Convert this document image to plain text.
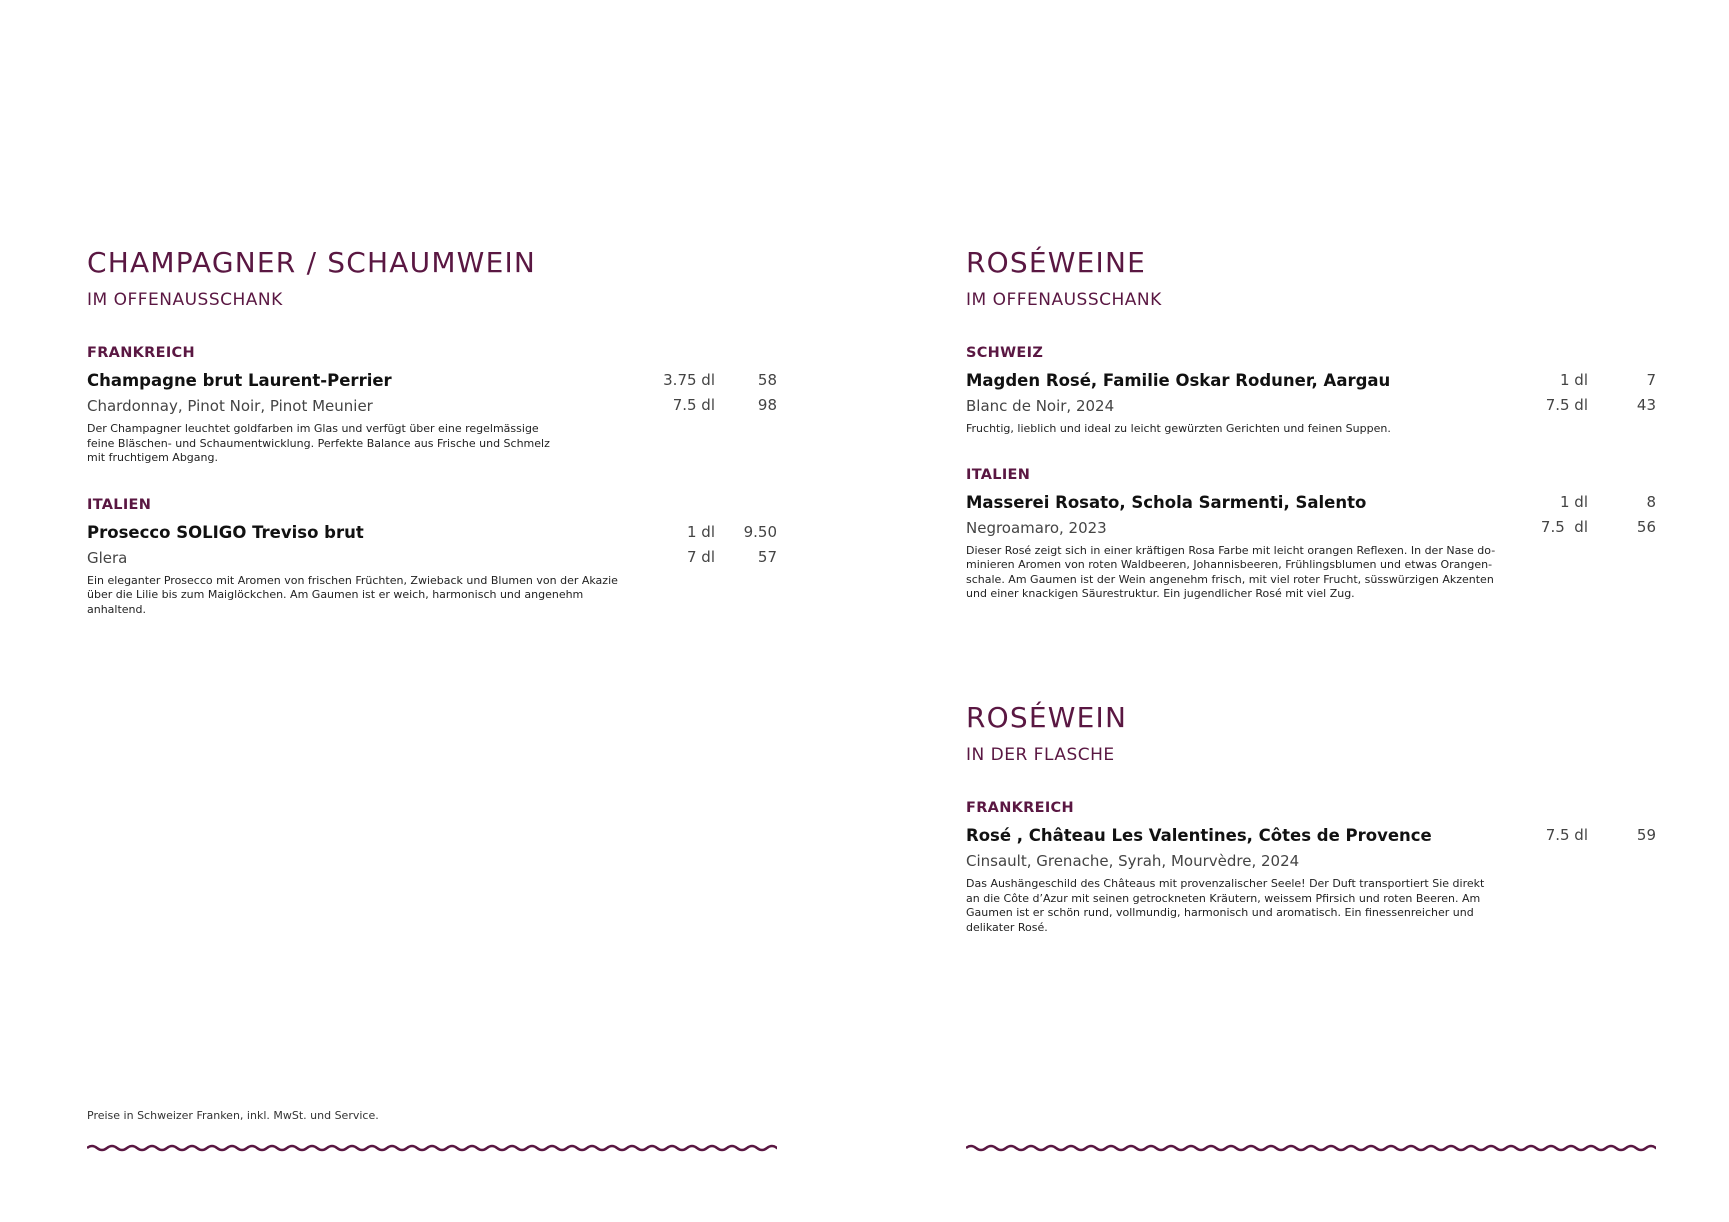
CHAMPAGNER / SCHAUMWEIN
IM OFFENAUSSCHANK
FRANKREICH
Champagne brut Laurent-Perrier	3.75 dl	58
Chardonnay, Pinot Noir, Pinot Meunier	7.5 dl	98
Der Champagner leuchtet goldfarben im Glas und verfügt über eine regelmässige
feine Bläschen- und Schaumentwicklung. Perfekte Balance aus Frische und Schmelz
mit fruchtigem Abgang.
ITALIEN
Prosecco SOLIGO Treviso brut	1 dl 9.50
Glera	7 dl	57
Ein eleganter Prosecco mit Aromen von frischen Früchten, Zwieback und Blumen von der Akazie
über die Lilie bis zum Maiglöckchen. Am Gaumen ist er weich, harmonisch und angenehm
anhaltend.
Preise in Schweizer Franken, inkl. MwSt. und Service.
ROSÉWEINE
IM OFFENAUSSCHANK
SCHWEIZ
Magden Rosé, Familie Oskar Roduner, Aargau	1 dl	7
Blanc de Noir, 2024	7.5 dl	43
Fruchtig, lieblich und ideal zu leicht gewürzten Gerichten und feinen Suppen.
ITALIEN
Masserei Rosato, Schola Sarmenti, Salento	1 dl	8
Negroamaro, 2023	7.5  dl	56
Dieser Rosé zeigt sich in einer kräftigen Rosa Farbe mit leicht orangen Reflexen. In der Nase do-
minieren Aromen von roten Waldbeeren, Johannisbeeren, Frühlingsblumen und etwas Orangen-
schale. Am Gaumen ist der Wein angenehm frisch, mit viel roter Frucht, süsswürzigen Akzenten
und einer knackigen Säurestruktur. Ein jugendlicher Rosé mit viel Zug.
ROSÉWEIN
IN DER FLASCHE
FRANKREICH
Rosé , Château Les Valentines, Côtes de Provence	7.5 dl	59
Cinsault, Grenache, Syrah, Mourvèdre, 2024
Das Aushängeschild des Châteaus mit provenzalischer Seele! Der Duft transportiert Sie direkt
an die Côte d’Azur mit seinen getrockneten Kräutern, weissem Pfirsich und roten Beeren. Am
Gaumen ist er schön rund, vollmundig, harmonisch und aromatisch. Ein finessenreicher und
delikater Rosé.
